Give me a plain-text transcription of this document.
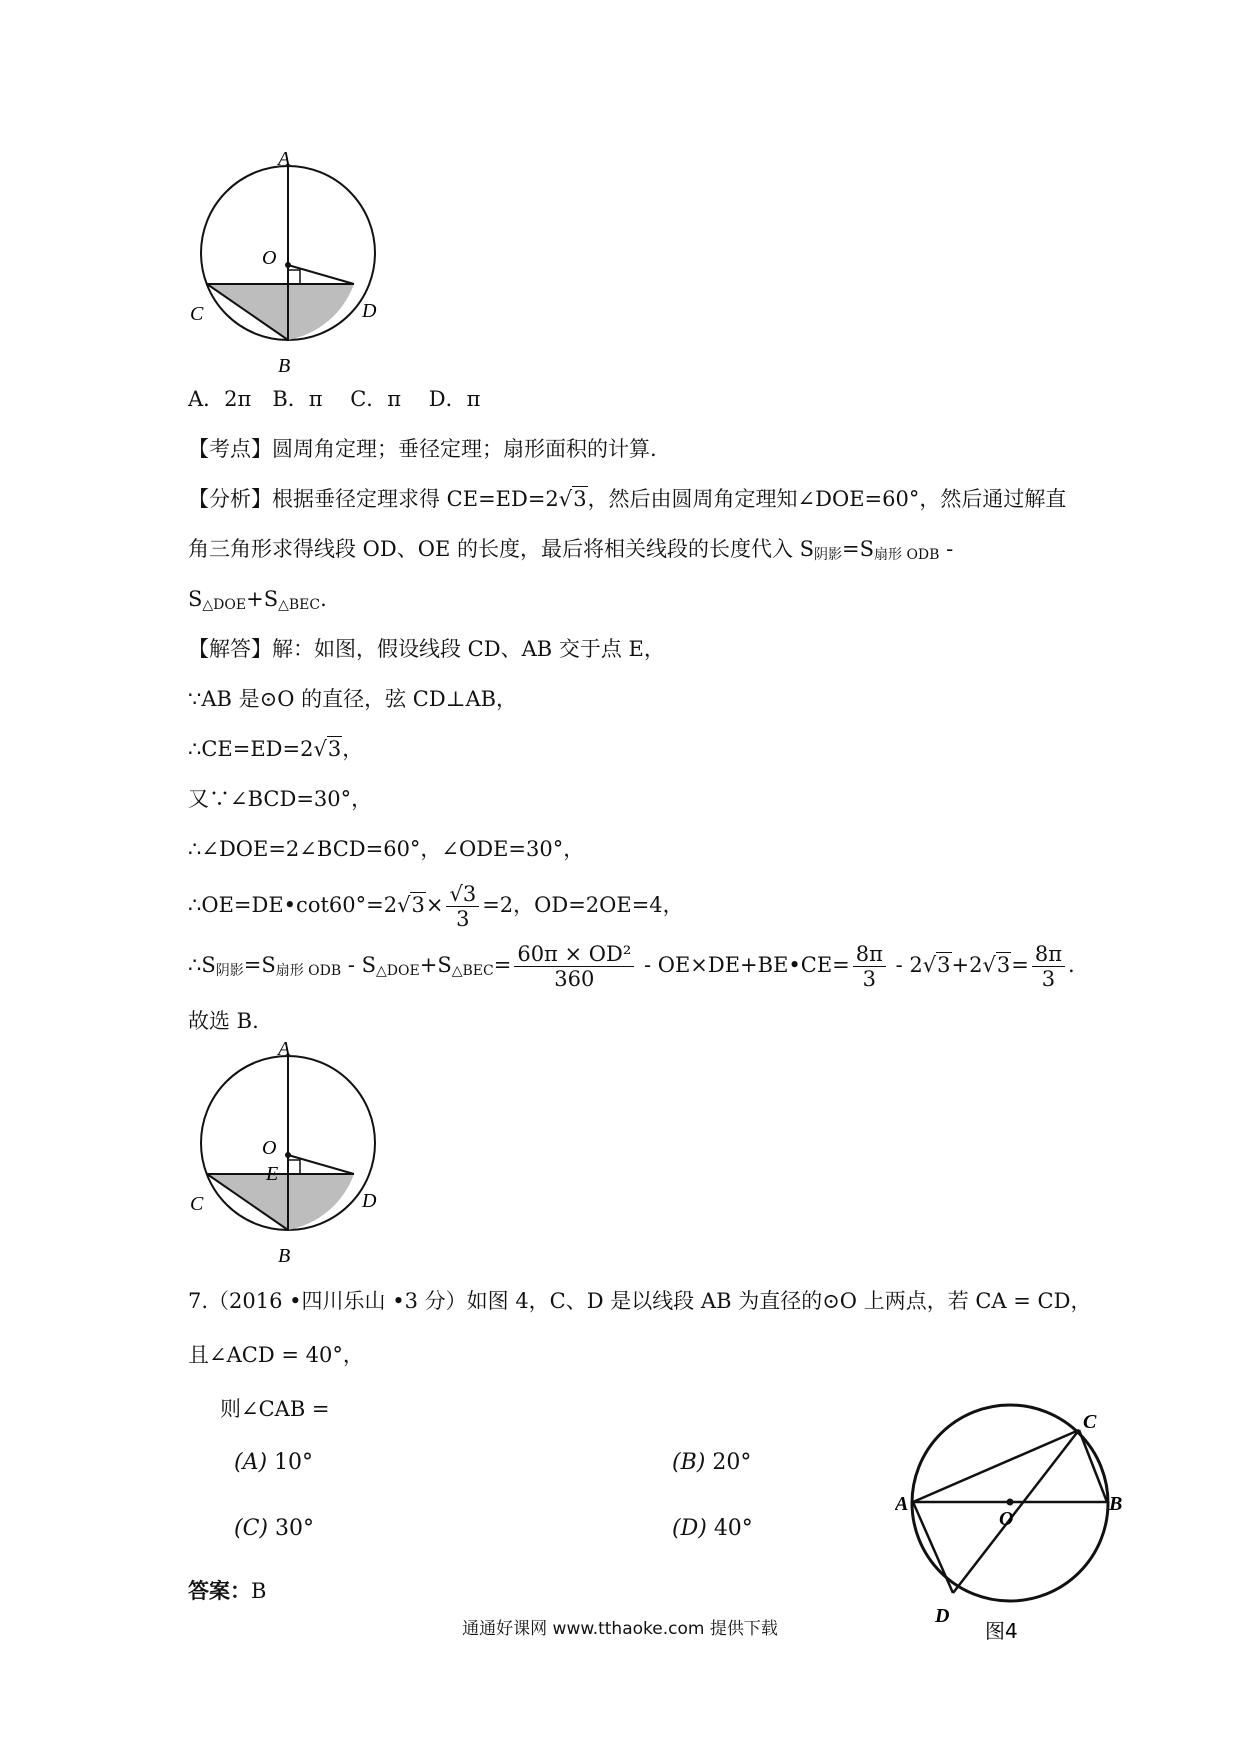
A
O
C	D
B
A．2π　B．π　 C．π　 D．π
【考点】圆周角定理；垂径定理；扇形面积的计算.
【分析】根据垂径定理求得 CE=ED=2√3，然后由圆周角定理知∠DOE=60°，然后通过解直
角三角形求得线段 OD、OE 的长度，最后将相关线段的长度代入 $S_{阴影}=S_{扇形 ODB}$ -
$S_{\triangle DOE}+S_{\triangle BEC}$.
【解答】解：如图，假设线段 CD、AB 交于点 E，
∵AB 是⊙O 的直径，弦 CD⊥AB，
∴CE=ED=2√3，
又∵∠BCD=30°，
∴∠DOE=2∠BCD=60°，∠ODE=30°，
∴OE=DE•cot60°=2√3× $\frac{√3}{3} =2$，OD=2OE=4，
$\therefore S_{阴影}=S_{扇形 ODB} - S_{\triangle DOE}+S_{\triangle BEC}= \frac{\text{60π × OD²}}{360}$ - OE×DE+BE•CE= $\frac{8\pi}{3} - 2√3+2√3= \frac{8\pi}{3}$ .
故选 B.
A
O
E
C	D
B
7.（2016 •四川乐山 •3 分）如图 4，C、D 是以线段 AB 为直径的⊙O 上两点，若 CA = CD，
且∠ACD = 40°，
则∠CAB =
(A) 10°	(B) 20°
(C) 30°	(D) 40°
答案：B
A	B
C
D
O
图4
通通好课网 www.tthaoke.com 提供下载
